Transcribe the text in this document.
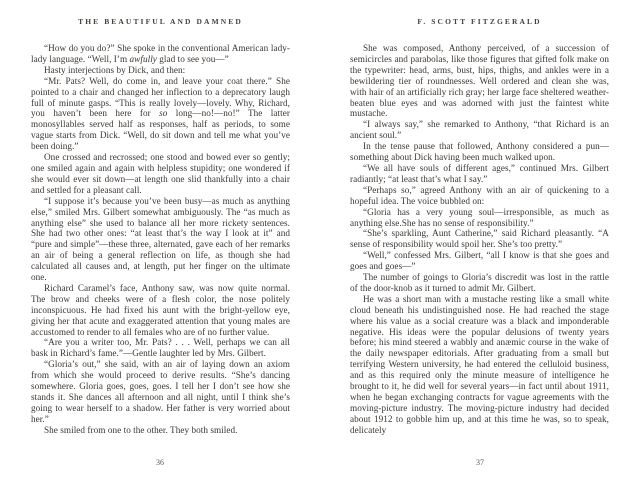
THE BEAUTIFUL AND DAMNED

“How do you do?” She spoke in the conventional American lady-lady language. “Well, I’m awfully glad to see you—”

Hasty interjections by Dick, and then:

“Mr. Pats? Well, do come in, and leave your coat there.” She pointed to a chair and changed her inflection to a deprecatory laugh full of minute gasps. “This is really lovely—lovely. Why, Richard, you haven’t been here for so long—no!—no!” The latter monosyllables served half as responses, half as periods, to some vague starts from Dick. “Well, do sit down and tell me what you’ve been doing.”

One crossed and recrossed; one stood and bowed ever so gently; one smiled again and again with helpless stupidity; one wondered if she would ever sit down—at length one slid thankfully into a chair and settled for a pleasant call.

“I suppose it’s because you’ve been busy—as much as anything else,” smiled Mrs. Gilbert somewhat ambiguously. The “as much as anything else” she used to balance all her more rickety sentences. She had two other ones: “at least that’s the way I look at it” and “pure and simple”—these three, alternated, gave each of her remarks an air of being a general reflection on life, as though she had calculated all causes and, at length, put her finger on the ultimate one.

Richard Caramel’s face, Anthony saw, was now quite normal. The brow and cheeks were of a flesh color, the nose politely inconspicuous. He had fixed his aunt with the bright-yellow eye, giving her that acute and exaggerated attention that young males are accustomed to render to all females who are of no further value.

“Are you a writer too, Mr. Pats? . . . Well, perhaps we can all bask in Richard’s fame.”—Gentle laughter led by Mrs. Gilbert.

“Gloria’s out,” she said, with an air of laying down an axiom from which she would proceed to derive results. “She’s dancing somewhere. Gloria goes, goes, goes. I tell her I don’t see how she stands it. She dances all afternoon and all night, until I think she’s going to wear herself to a shadow. Her father is very worried about her.”

She smiled from one to the other. They both smiled.

36
F. SCOTT FITZGERALD

She was composed, Anthony perceived, of a succession of semicircles and parabolas, like those figures that gifted folk make on the typewriter: head, arms, bust, hips, thighs, and ankles were in a bewildering tier of roundnesses. Well ordered and clean she was, with hair of an artificially rich gray; her large face sheltered weather-beaten blue eyes and was adorned with just the faintest white mustache.

“I always say,” she remarked to Anthony, “that Richard is an ancient soul.”

In the tense pause that followed, Anthony considered a pun—something about Dick having been much walked upon.

“We all have souls of different ages,” continued Mrs. Gilbert radiantly; “at least that’s what I say.”

“Perhaps so,” agreed Anthony with an air of quickening to a hopeful idea. The voice bubbled on:

“Gloria has a very young soul—irresponsible, as much as anything else.She has no sense of responsibility.”

“She’s sparkling, Aunt Catherine,” said Richard pleasantly. “A sense of responsibility would spoil her. She’s too pretty.”

“Well,” confessed Mrs. Gilbert, “all I know is that she goes and goes and goes—”

The number of goings to Gloria’s discredit was lost in the rattle of the door-knob as it turned to admit Mr. Gilbert.

He was a short man with a mustache resting like a small white cloud beneath his undistinguished nose. He had reached the stage where his value as a social creature was a black and imponderable negative. His ideas were the popular delusions of twenty years before; his mind steered a wabbly and anæmic course in the wake of the daily newspaper editorials. After graduating from a small but terrifying Western university, he had entered the celluloid business, and as this required only the minute measure of intelligence he brought to it, he did well for several years—in fact until about 1911, when he began exchanging contracts for vague agreements with the moving-picture industry. The moving-picture industry had decided about 1912 to gobble him up, and at this time he was, so to speak, delicately

37
